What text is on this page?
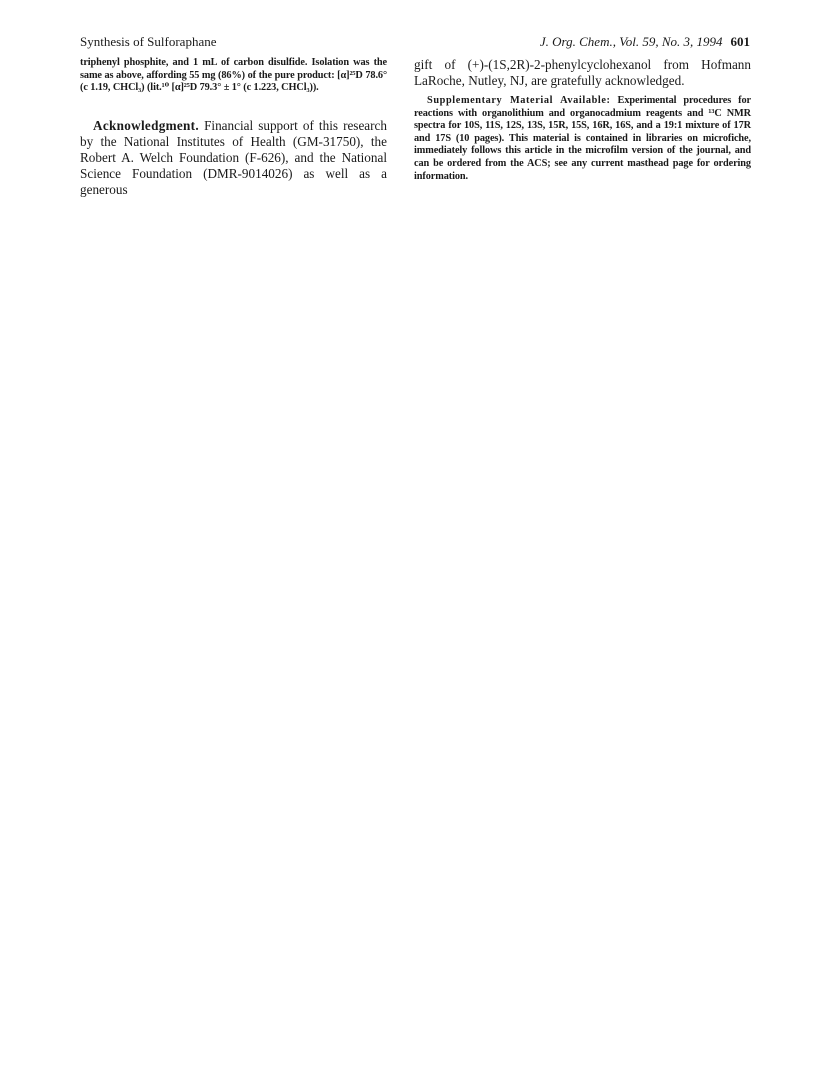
Synthesis of Sulforaphane	J. Org. Chem., Vol. 59, No. 3, 1994 601

triphenyl phosphite, and 1 mL of carbon disulfide. Isolation was the same as above, affording 55 mg (86%) of the pure product: [α]²⁵D 78.6° (c 1.19, CHCl₃) (lit.¹⁰ [α]²⁵D 79.3° ± 1° (c 1.223, CHCl₃)).

Acknowledgment. Financial support of this research by the National Institutes of Health (GM-31750), the Robert A. Welch Foundation (F-626), and the National Science Foundation (DMR-9014026) as well as a generous

gift of (+)-(1S,2R)-2-phenylcyclohexanol from Hofmann LaRoche, Nutley, NJ, are gratefully acknowledged.

Supplementary Material Available: Experimental procedures for reactions with organolithium and organocadmium reagents and ¹³C NMR spectra for 10S, 11S, 12S, 13S, 15R, 15S, 16R, 16S, and a 19:1 mixture of 17R and 17S (10 pages). This material is contained in libraries on microfiche, immediately follows this article in the microfilm version of the journal, and can be ordered from the ACS; see any current masthead page for ordering information.
